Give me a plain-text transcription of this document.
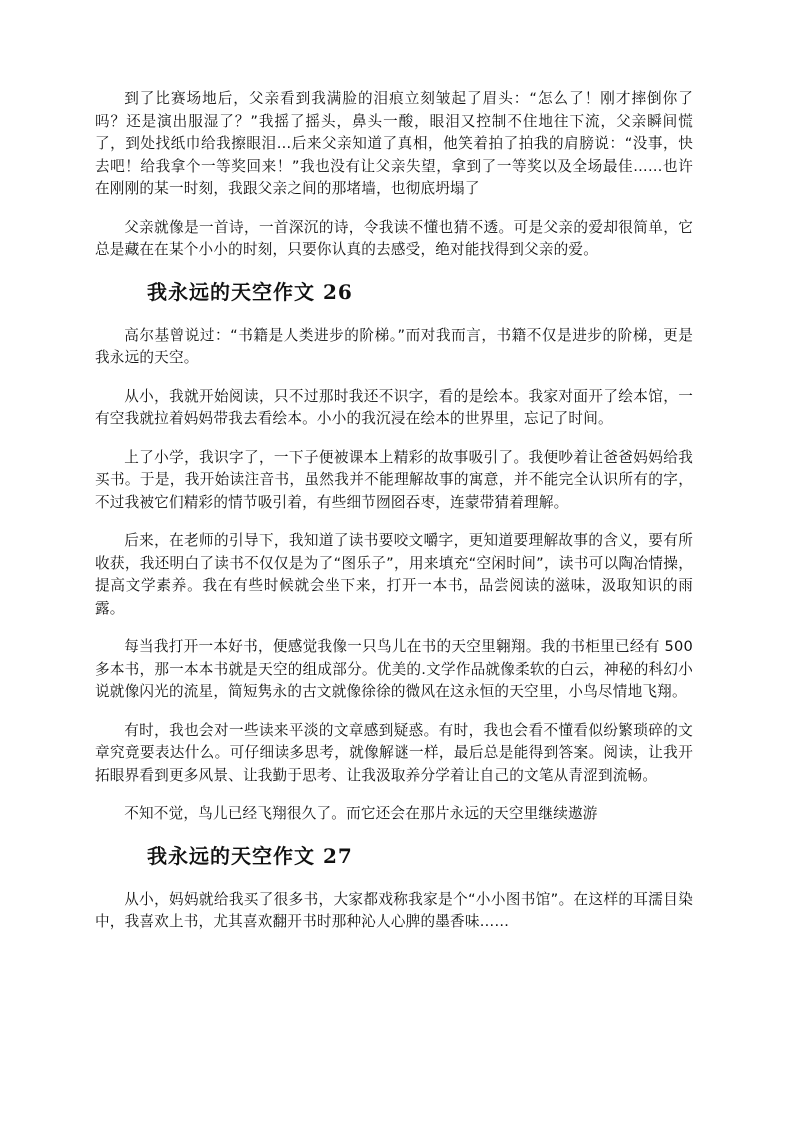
到了比赛场地后，父亲看到我满脸的泪痕立刻皱起了眉头：“怎么了！刚才摔倒你了吗？还是演出服湿了？”我摇了摇头，鼻头一酸，眼泪又控制不住地往下流，父亲瞬间慌了，到处找纸巾给我擦眼泪…后来父亲知道了真相，他笑着拍了拍我的肩膀说：“没事，快去吧！给我拿个一等奖回来！”我也没有让父亲失望，拿到了一等奖以及全场最佳……也许在刚刚的某一时刻，我跟父亲之间的那堵墙，也彻底坍塌了

父亲就像是一首诗，一首深沉的诗，令我读不懂也猜不透。可是父亲的爱却很简单，它总是藏在在某个小小的时刻，只要你认真的去感受，绝对能找得到父亲的爱。

我永远的天空作文 26

高尔基曾说过：“书籍是人类进步的阶梯。”而对我而言，书籍不仅是进步的阶梯，更是我永远的天空。

从小，我就开始阅读，只不过那时我还不识字，看的是绘本。我家对面开了绘本馆，一有空我就拉着妈妈带我去看绘本。小小的我沉浸在绘本的世界里，忘记了时间。

上了小学，我识字了，一下子便被课本上精彩的故事吸引了。我便吵着让爸爸妈妈给我买书。于是，我开始读注音书，虽然我并不能理解故事的寓意，并不能完全认识所有的字，不过我被它们精彩的情节吸引着，有些细节囫囵吞枣，连蒙带猜着理解。

后来，在老师的引导下，我知道了读书要咬文嚼字，更知道要理解故事的含义，要有所收获，我还明白了读书不仅仅是为了“图乐子”，用来填充“空闲时间”，读书可以陶冶情操，提高文学素养。我在有些时候就会坐下来，打开一本书，品尝阅读的滋味，汲取知识的雨露。

每当我打开一本好书，便感觉我像一只鸟儿在书的天空里翱翔。我的书柜里已经有 500 多本书，那一本本书就是天空的组成部分。优美的.文学作品就像柔软的白云，神秘的科幻小说就像闪光的流星，简短隽永的古文就像徐徐的微风在这永恒的天空里，小鸟尽情地飞翔。

有时，我也会对一些读来平淡的文章感到疑惑。有时，我也会看不懂看似纷繁琐碎的文章究竟要表达什么。可仔细读多思考，就像解谜一样，最后总是能得到答案。阅读，让我开拓眼界看到更多风景、让我勤于思考、让我汲取养分学着让自己的文笔从青涩到流畅。

不知不觉，鸟儿已经飞翔很久了。而它还会在那片永远的天空里继续遨游

我永远的天空作文 27

从小，妈妈就给我买了很多书，大家都戏称我家是个“小小图书馆”。在这样的耳濡目染中，我喜欢上书，尤其喜欢翻开书时那种沁人心脾的墨香味……
